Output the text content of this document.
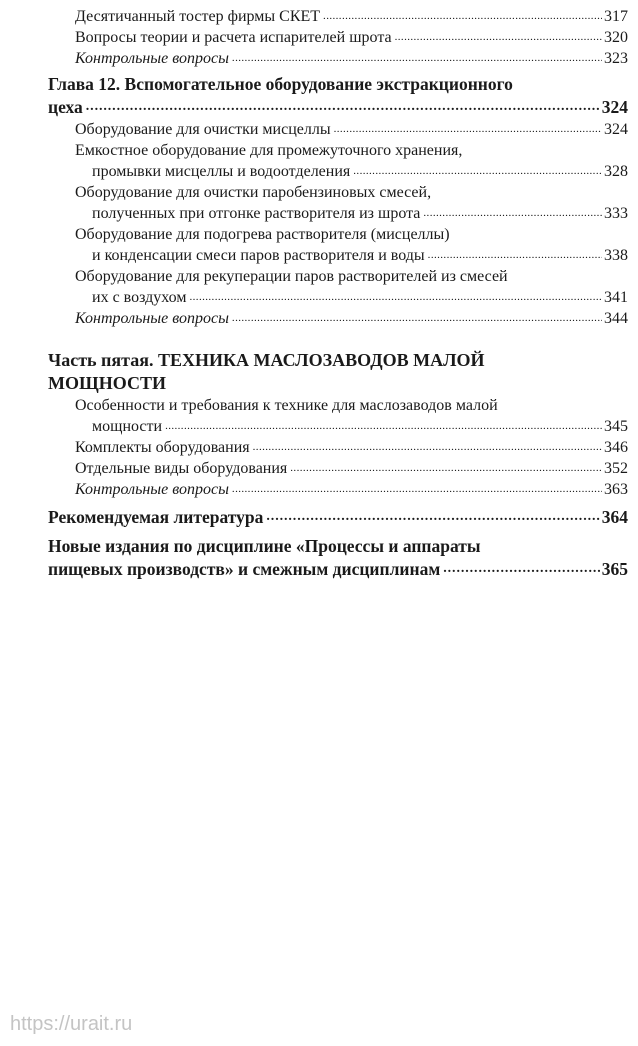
Десятичанный тостер фирмы СКЕТ .....	317
Вопросы теории и расчета испарителей шрота .....	320
Контрольные вопросы .....	323
Глава 12. Вспомогательное оборудование экстракционного
цеха .....	324
Оборудование для очистки мисцеллы .....	324
Емкостное оборудование для промежуточного хранения,
промывки мисцеллы и водоотделения .....	328
Оборудование для очистки паробензиновых смесей,
полученных при отгонке растворителя из шрота .....	333
Оборудование для подогрева растворителя (мисцеллы)
и конденсации смеси паров растворителя и воды .....	338
Оборудование для рекуперации паров растворителей из смесей
их с воздухом .....	341
Контрольные вопросы .....	344
Часть пятая. ТЕХНИКА МАСЛОЗАВОДОВ МАЛОЙ
МОЩНОСТИ
Особенности и требования к технике для маслозаводов малой
мощности .....	345
Комплекты оборудования .....	346
Отдельные виды оборудования .....	352
Контрольные вопросы .....	363
Рекомендуемая литература .....	364
Новые издания по дисциплине «Процессы и аппараты
пищевых производств» и смежным дисциплинам .....	365
https://urait.ru
